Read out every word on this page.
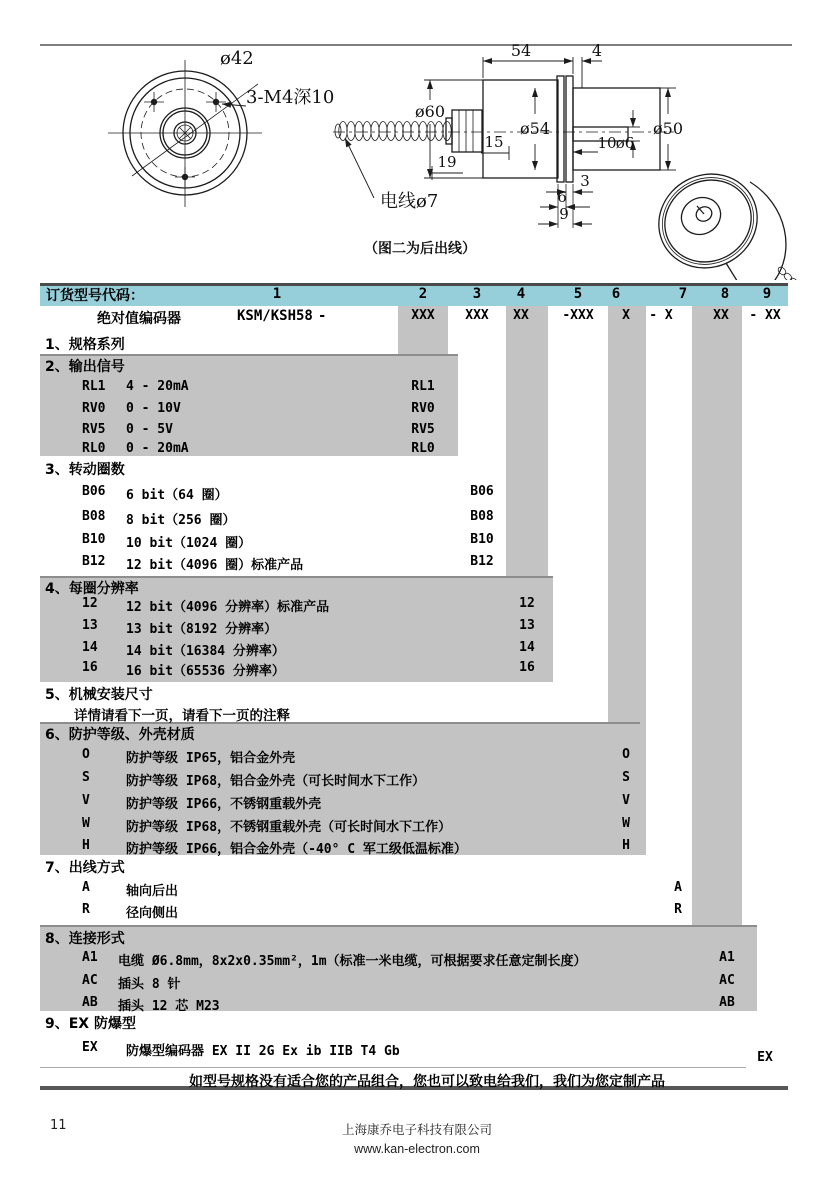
ø42
3-M4深10
54	4
ø60
ø54	ø50
10 ø6
15
19
3
6
9
电线ø7
（图二为后出线）
订货型号代码：	1	2	3	4	5 6	7 8 9
绝对值编码器	KSM/KSH58 -	XXX XXX XX	-XXX X - X	XX - XX
1、规格系列
2、输出信号
RL1 4 - 20mA	RL1
RV0 0 - 10V	RV0
RV5 0 - 5V	RV5
RL0 0 - 20mA	RL0
3、转动圈数
B06 6 bit（64 圈）	B06
B08 8 bit（256 圈）	B08
B10 10 bit（1024 圈）	B10
B12 12 bit（4096 圈）标准产品	B12
4、每圈分辨率
12 12 bit（4096 分辨率）标准产品	12
13 13 bit（8192 分辨率）	13
14 14 bit（16384 分辨率）	14
16 16 bit（65536 分辨率）	16
5、机械安装尺寸
详情请看下一页，请看下一页的注释
6、防护等级、外壳材质
O	防护等级 IP65，铝合金外壳	O
S	防护等级 IP68，铝合金外壳（可长时间水下工作）	S
V	防护等级 IP66，不锈钢重载外壳	V
W	防护等级 IP68，不锈钢重载外壳（可长时间水下工作）	W
H	防护等级 IP66，铝合金外壳（-40° C 军工级低温标准）	H
7、出线方式
A	轴向后出	A
R	径向侧出	R
8、连接形式
A1 电缆 Ø6.8mm，8x2x0.35mm²，1m（标准一米电缆，可根据要求任意定制长度）	A1
AC 插头 8 针	AC
AB 插头 12 芯 M23	AB
9、EX 防爆型
EX 防爆型编码器 EX II 2G Ex ib IIB T4 Gb	EX
如型号规格没有适合您的产品组合，您也可以致电给我们，我们为您定制产品
11	上海康乔电子科技有限公司
www.kan-electron.com
